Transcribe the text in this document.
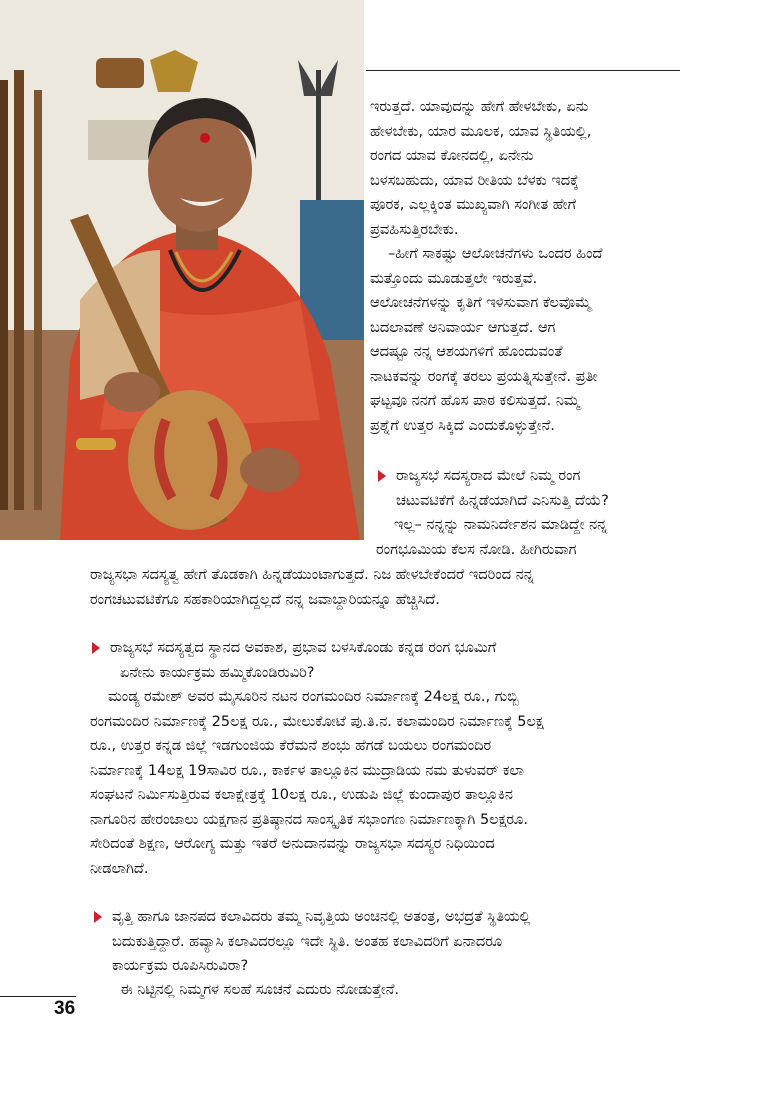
ಇರುತ್ತದೆ. ಯಾವುದನ್ನು ಹೇಗೆ ಹೇಳಬೇಕು, ಏನು
ಹೇಳಬೇಕು, ಯಾರ ಮೂಲಕ, ಯಾವ ಸ್ಥಿತಿಯಲ್ಲಿ,
ರಂಗದ ಯಾವ ಕೋನದಲ್ಲಿ, ಏನೇನು
ಬಳಸಬಹುದು, ಯಾವ ರೀತಿಯ ಬೆಳಕು ಇದಕ್ಕೆ
ಪೂರಕ, ಎಲ್ಲಕ್ಕಿಂತ ಮುಖ್ಯವಾಗಿ ಸಂಗೀತ ಹೇಗೆ
ಪ್ರವಹಿಸುತ್ತಿರಬೇಕು.
–ಹೀಗೆ ಸಾಕಷ್ಟು ಆಲೋಚನೆಗಳು ಒಂದರ ಹಿಂದೆ
ಮತ್ತೊಂದು ಮೂಡುತ್ತಲೇ ಇರುತ್ತವೆ.
ಆಲೋಚನೆಗಳನ್ನು ಕೃತಿಗೆ ಇಳಿಸುವಾಗ ಕೆಲವೊಮ್ಮೆ
ಬದಲಾವಣೆ ಅನಿವಾರ್ಯ ಆಗುತ್ತದೆ. ಆಗ
ಆದಷ್ಟೂ ನನ್ನ ಆಶಯಗಳಿಗೆ ಹೊಂದುವಂತೆ
ನಾಟಕವನ್ನು ರಂಗಕ್ಕೆ ತರಲು ಪ್ರಯತ್ನಿಸುತ್ತೇನೆ. ಪ್ರತೀ
ಘಟ್ಟವೂ ನನಗೆ ಹೊಸ ಪಾಠ ಕಲಿಸುತ್ತದೆ. ನಿಮ್ಮ
ಪ್ರಶ್ನೆಗೆ ಉತ್ತರ ಸಿಕ್ಕಿದೆ ಎಂದುಕೊಳ್ಳುತ್ತೇನೆ.
ರಾಜ್ಯಸಭೆ ಸದಸ್ಯರಾದ ಮೇಲೆ ನಿಮ್ಮ ರಂಗ
ಚಟುವಟಿಕೆಗೆ ಹಿನ್ನಡೆಯಾಗಿದೆ ಎನಿಸುತ್ತಿ ದೆಯೆ?
ಇಲ್ಲ– ನನ್ನನ್ನು ನಾಮನಿರ್ದೇಶನ ಮಾಡಿದ್ದೇ ನನ್ನ
ರಂಗಭೂಮಿಯ ಕೆಲಸ ನೋಡಿ. ಹೀಗಿರುವಾಗ
ರಾಜ್ಯಸಭಾ ಸದಸ್ಯತ್ವ ಹೇಗೆ ತೊಡಕಾಗಿ ಹಿನ್ನಡೆಯುಂಟಾಗುತ್ತದೆ. ನಿಜ ಹೇಳಬೇಕೆಂದರೆ ಇದರಿಂದ ನನ್ನ
ರಂಗಚಟುವಟಿಕೆಗೂ ಸಹಕಾರಿಯಾಗಿದ್ದಲ್ಲದೆ ನನ್ನ ಜವಾಬ್ದಾರಿಯನ್ನೂ ಹೆಚ್ಚಿಸಿದೆ.
ರಾಜ್ಯಸಭೆ ಸದಸ್ಯತ್ವದ ಸ್ಥಾನದ ಅವಕಾಶ, ಪ್ರಭಾವ ಬಳಸಿಕೊಂಡು ಕನ್ನಡ ರಂಗ ಭೂಮಿಗೆ
ಏನೇನು ಕಾರ್ಯಕ್ರಮ ಹಮ್ಮಿಕೊಂಡಿರುವಿರಿ?
ಮಂಡ್ಯ ರಮೇಶ್ ಅವರ ಮೈಸೂರಿನ ನಟನ ರಂಗಮಂದಿರ ನಿರ್ಮಾಣಕ್ಕೆ 24ಲಕ್ಷ ರೂ., ಗುಬ್ಬಿ
ರಂಗಮಂದಿರ ನಿರ್ಮಾಣಕ್ಕೆ 25ಲಕ್ಷ ರೂ., ಮೇಲುಕೋಟೆ ಪು.ತಿ.ನ. ಕಲಾಮಂದಿರ ನಿರ್ಮಾಣಕ್ಕೆ 5ಲಕ್ಷ
ರೂ., ಉತ್ತರ ಕನ್ನಡ ಜಿಲ್ಲೆ ಇಡಗುಂಜಿಯ ಕೆರೆಮನೆ ಶಂಭು ಹೆಗಡೆ ಬಯಲು ರಂಗಮಂದಿರ
ನಿರ್ಮಾಣಕ್ಕೆ 14ಲಕ್ಷ 19ಸಾವಿರ ರೂ., ಕಾರ್ಕಳ ತಾಲ್ಲೂಕಿನ ಮುದ್ರಾಡಿಯ ನಮ ತುಳುವರ್ ಕಲಾ
ಸಂಘಟನೆ ನಿರ್ಮಿಸುತ್ತಿರುವ ಕಲಾಕ್ಷೇತ್ರಕ್ಕೆ 10ಲಕ್ಷ ರೂ., ಉಡುಪಿ ಜಿಲ್ಲೆ ಕುಂದಾಪುರ ತಾಲ್ಲೂಕಿನ
ನಾಗೂರಿನ ಹೇರಂಜಾಲು ಯಕ್ಷಗಾನ ಪ್ರತಿಷ್ಠಾನದ ಸಾಂಸ್ಕೃತಿಕ ಸಭಾಂಗಣ ನಿರ್ಮಾಣಕ್ಕಾಗಿ 5ಲಕ್ಷರೂ.
ಸೇರಿದಂತೆ ಶಿಕ್ಷಣ, ಆರೋಗ್ಯ ಮತ್ತು ಇತರೆ ಅನುದಾನವನ್ನು ರಾಜ್ಯಸಭಾ ಸದಸ್ಯರ ನಿಧಿಯಿಂದ
ನೀಡಲಾಗಿದೆ.
ವೃತ್ತಿ ಹಾಗೂ ಜಾನಪದ ಕಲಾವಿದರು ತಮ್ಮ ನಿವೃತ್ತಿಯ ಅಂಚಿನಲ್ಲಿ ಅತಂತ್ರ, ಅಭದ್ರತೆ ಸ್ಥಿತಿಯಲ್ಲಿ
ಬದುಕುತ್ತಿದ್ದಾರೆ. ಹವ್ಯಾಸಿ ಕಲಾವಿದರಲ್ಲೂ ಇದೇ ಸ್ಥಿತಿ. ಅಂತಹ ಕಲಾವಿದರಿಗೆ ಏನಾದರೂ
ಕಾರ್ಯಕ್ರಮ ರೂಪಿಸಿರುವಿರಾ?
ಈ ನಿಟ್ಟಿನಲ್ಲಿ ನಿಮ್ಮಗಳ ಸಲಹೆ ಸೂಚನೆ ಎದುರು ನೋಡುತ್ತೇನೆ.
36
